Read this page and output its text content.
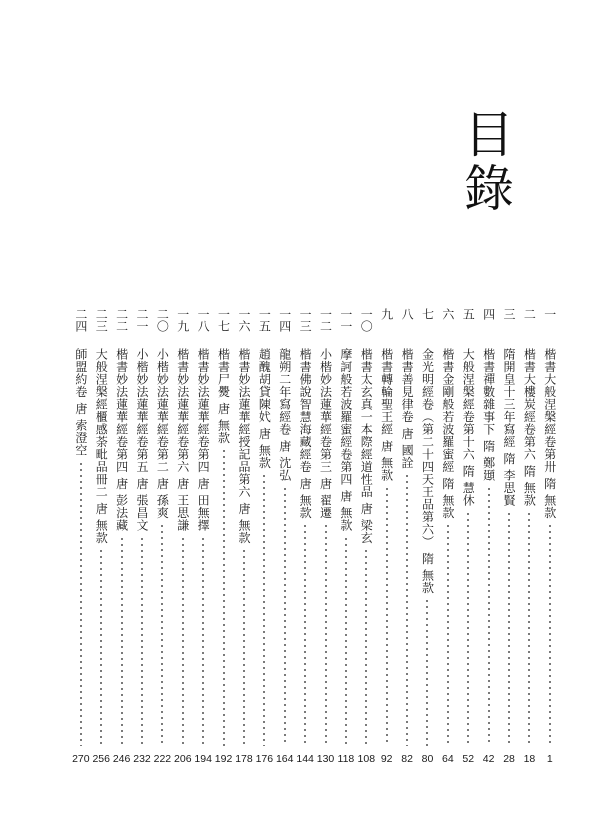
目錄
一
楷書大般涅槃經卷第卅 隋 無款
1
二
楷書大樓炭經卷第六 隋 無款
18
三
隋開皇十三年寫經 隋 李思賢
28
四
楷書禪數雜事下 隋 鄭頲
42
五
大般涅槃經卷第十六 隋 慧休
52
六
楷書金剛般若波羅蜜經 隋 無款
64
七
金光明經卷（第二十四天王品第六） 隋 無款
80
八
楷書善見律卷 唐 國詮
82
九
楷書轉輪聖王經 唐 無款
92
一〇
楷書太玄真一本際經道性品 唐 梁玄
108
一一
摩訶般若波羅蜜經卷第四 唐 無款
118
一二
小楷妙法蓮華經卷第三 唐 翟遷
130
一三
楷書佛說智慧海藏經卷 唐 無款
144
一四
龍朔二年寫經卷 唐 沈弘
164
一五
趙醜胡貸陳㚤 唐 無款
176
一六
楷書妙法蓮華經授記品第六 唐 無款
178
一七
楷書尸㸑 唐 無款
192
一八
楷書妙法蓮華經卷第四 唐 田無擇
194
一九
楷書妙法蓮華經卷第六 唐 王思謙
206
二〇
小楷妙法蓮華經卷第二 唐 孫爽
222
二一
小楷妙法蓮華經卷第五 唐 張昌文
232
二二
楷書妙法蓮華經卷第四 唐 彭法藏
246
二三
大般涅槃經櫃感荼毗品冊二 唐 無款
256
二四
師盟約卷 唐 索澄空
270
